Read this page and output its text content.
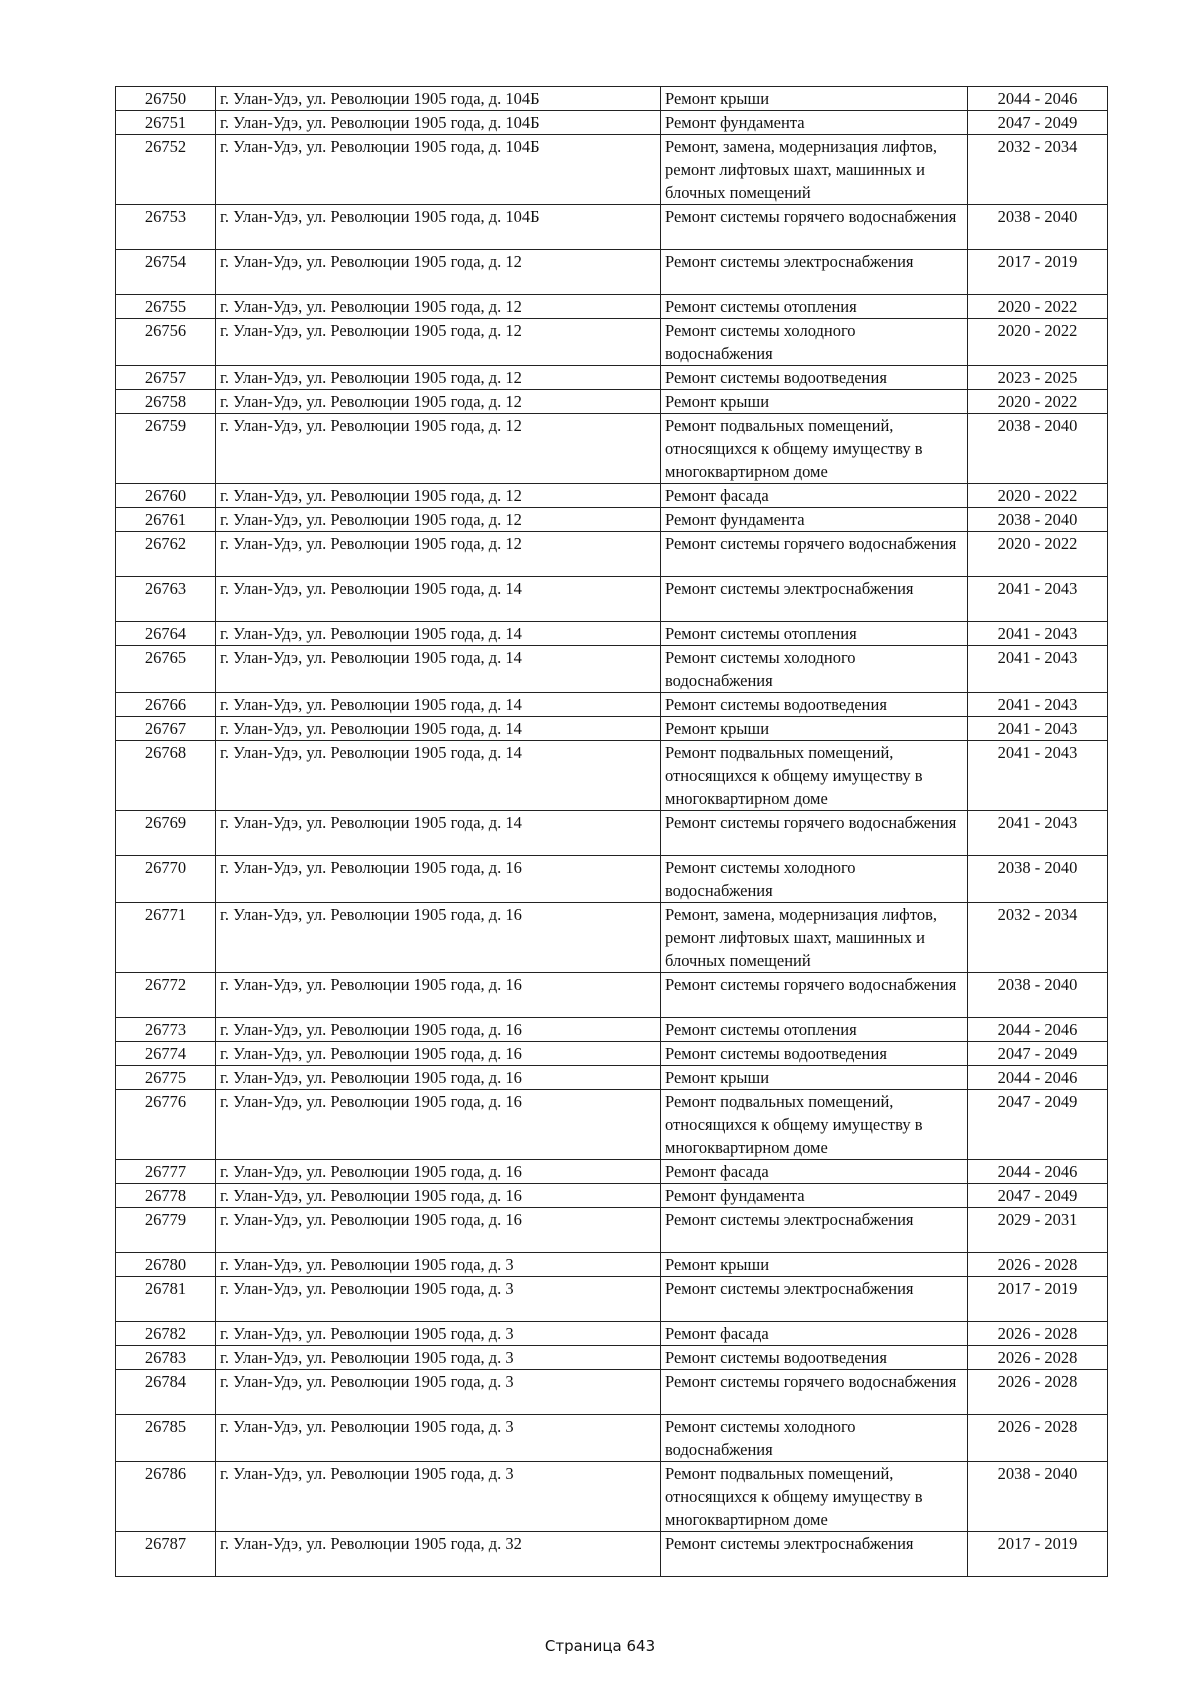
26750	г. Улан-Удэ, ул. Революции 1905 года, д. 104Б	Ремонт крыши	2044 - 2046
26751	г. Улан-Удэ, ул. Революции 1905 года, д. 104Б	Ремонт фундамента	2047 - 2049
26752	г. Улан-Удэ, ул. Революции 1905 года, д. 104Б	Ремонт, замена, модернизация лифтов, ремонт лифтовых шахт, машинных и блочных помещений	2032 - 2034
26753	г. Улан-Удэ, ул. Революции 1905 года, д. 104Б	Ремонт системы горячего водоснабжения	2038 - 2040
26754	г. Улан-Удэ, ул. Революции 1905 года, д. 12	Ремонт системы электроснабжения	2017 - 2019
26755	г. Улан-Удэ, ул. Революции 1905 года, д. 12	Ремонт системы отопления	2020 - 2022
26756	г. Улан-Удэ, ул. Революции 1905 года, д. 12	Ремонт системы холодного водоснабжения	2020 - 2022
26757	г. Улан-Удэ, ул. Революции 1905 года, д. 12	Ремонт системы водоотведения	2023 - 2025
26758	г. Улан-Удэ, ул. Революции 1905 года, д. 12	Ремонт крыши	2020 - 2022
26759	г. Улан-Удэ, ул. Революции 1905 года, д. 12	Ремонт подвальных помещений, относящихся к общему имуществу в многоквартирном доме	2038 - 2040
26760	г. Улан-Удэ, ул. Революции 1905 года, д. 12	Ремонт фасада	2020 - 2022
26761	г. Улан-Удэ, ул. Революции 1905 года, д. 12	Ремонт фундамента	2038 - 2040
26762	г. Улан-Удэ, ул. Революции 1905 года, д. 12	Ремонт системы горячего водоснабжения	2020 - 2022
26763	г. Улан-Удэ, ул. Революции 1905 года, д. 14	Ремонт системы электроснабжения	2041 - 2043
26764	г. Улан-Удэ, ул. Революции 1905 года, д. 14	Ремонт системы отопления	2041 - 2043
26765	г. Улан-Удэ, ул. Революции 1905 года, д. 14	Ремонт системы холодного водоснабжения	2041 - 2043
26766	г. Улан-Удэ, ул. Революции 1905 года, д. 14	Ремонт системы водоотведения	2041 - 2043
26767	г. Улан-Удэ, ул. Революции 1905 года, д. 14	Ремонт крыши	2041 - 2043
26768	г. Улан-Удэ, ул. Революции 1905 года, д. 14	Ремонт подвальных помещений, относящихся к общему имуществу в многоквартирном доме	2041 - 2043
26769	г. Улан-Удэ, ул. Революции 1905 года, д. 14	Ремонт системы горячего водоснабжения	2041 - 2043
26770	г. Улан-Удэ, ул. Революции 1905 года, д. 16	Ремонт системы холодного водоснабжения	2038 - 2040
26771	г. Улан-Удэ, ул. Революции 1905 года, д. 16	Ремонт, замена, модернизация лифтов, ремонт лифтовых шахт, машинных и блочных помещений	2032 - 2034
26772	г. Улан-Удэ, ул. Революции 1905 года, д. 16	Ремонт системы горячего водоснабжения	2038 - 2040
26773	г. Улан-Удэ, ул. Революции 1905 года, д. 16	Ремонт системы отопления	2044 - 2046
26774	г. Улан-Удэ, ул. Революции 1905 года, д. 16	Ремонт системы водоотведения	2047 - 2049
26775	г. Улан-Удэ, ул. Революции 1905 года, д. 16	Ремонт крыши	2044 - 2046
26776	г. Улан-Удэ, ул. Революции 1905 года, д. 16	Ремонт подвальных помещений, относящихся к общему имуществу в многоквартирном доме	2047 - 2049
26777	г. Улан-Удэ, ул. Революции 1905 года, д. 16	Ремонт фасада	2044 - 2046
26778	г. Улан-Удэ, ул. Революции 1905 года, д. 16	Ремонт фундамента	2047 - 2049
26779	г. Улан-Удэ, ул. Революции 1905 года, д. 16	Ремонт системы электроснабжения	2029 - 2031
26780	г. Улан-Удэ, ул. Революции 1905 года, д. 3	Ремонт крыши	2026 - 2028
26781	г. Улан-Удэ, ул. Революции 1905 года, д. 3	Ремонт системы электроснабжения	2017 - 2019
26782	г. Улан-Удэ, ул. Революции 1905 года, д. 3	Ремонт фасада	2026 - 2028
26783	г. Улан-Удэ, ул. Революции 1905 года, д. 3	Ремонт системы водоотведения	2026 - 2028
26784	г. Улан-Удэ, ул. Революции 1905 года, д. 3	Ремонт системы горячего водоснабжения	2026 - 2028
26785	г. Улан-Удэ, ул. Революции 1905 года, д. 3	Ремонт системы холодного водоснабжения	2026 - 2028
26786	г. Улан-Удэ, ул. Революции 1905 года, д. 3	Ремонт подвальных помещений, относящихся к общему имуществу в многоквартирном доме	2038 - 2040
26787	г. Улан-Удэ, ул. Революции 1905 года, д. 32	Ремонт системы электроснабжения	2017 - 2019
Страница 643
